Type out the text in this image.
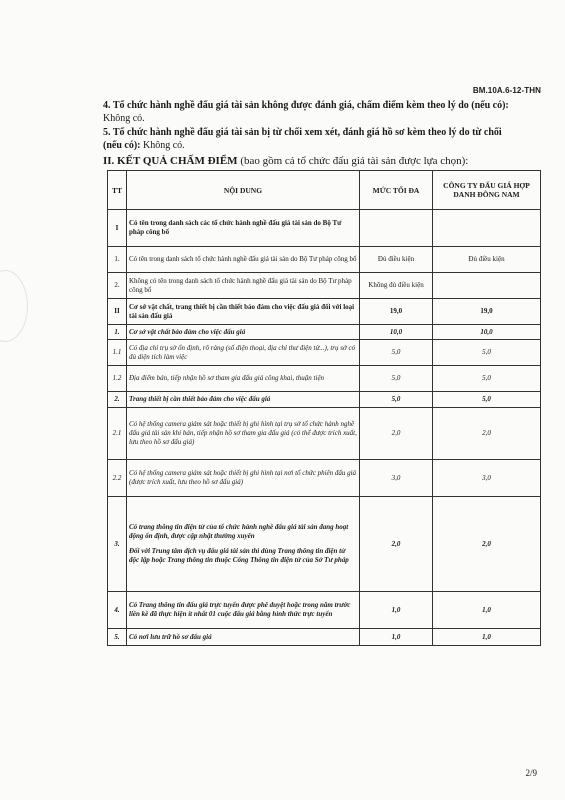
BM.10A.6-12-THN
4. Tổ chức hành nghề đấu giá tài sản không được đánh giá, chấm điểm kèm theo lý do (nếu có): Không có.
5. Tổ chức hành nghề đấu giá tài sản bị từ chối xem xét, đánh giá hồ sơ kèm theo lý do từ chối (nếu có): Không có.
II. KẾT QUẢ CHẤM ĐIỂM (bao gồm cả tổ chức đấu giá tài sản được lựa chọn):
TT	NỘI DUNG	MỨC TỐI ĐA	CÔNG TY ĐẤU GIÁ HỢP DANH ĐÔNG NAM
I	Có tên trong danh sách các tổ chức hành nghề đấu giá tài sản do Bộ Tư pháp công bố		

1.	Có tên trong danh sách tổ chức hành nghề đấu giá tài sản do Bộ Tư pháp công bố	Đủ điều kiện	Đủ điều kiện
2.	Không có tên trong danh sách tổ chức hành nghề đấu giá tài sản do Bộ Tư pháp công bố	Không đủ điều kiện	
II	Cơ sở vật chất, trang thiết bị cần thiết bảo đảm cho việc đấu giá đối với loại tài sản đấu giá	19,0	19,0
1.	Cơ sở vật chất bảo đảm cho việc đấu giá	10,0	10,0
1.1	Có địa chỉ trụ sở ổn định, rõ ràng (số điện thoại, địa chỉ thư điện tử...), trụ sở có đủ diện tích làm việc	5,0	5,0
1.2	Địa điểm bán, tiếp nhận hồ sơ tham gia đấu giá công khai, thuận tiện	5,0	5,0
2.	Trang thiết bị cần thiết bảo đảm cho việc đấu giá	5,0	5,0
2.1	Có hệ thống camera giám sát hoặc thiết bị ghi hình tại trụ sở tổ chức hành nghề đấu giá tài sản khi bán, tiếp nhận hồ sơ tham gia đấu giá (có thể được trích xuất, lưu theo hồ sơ đấu giá)	2,0	2,0
2.2	Có hệ thống camera giám sát hoặc thiết bị ghi hình tại nơi tổ chức phiên đấu giá (được trích xuất, lưu theo hồ sơ đấu giá)	3,0	3,0
3.	Có trang thông tin điện tử của tổ chức hành nghề đấu giá tài sản đang hoạt động ổn định, được cập nhật thường xuyên
Đối với Trung tâm dịch vụ đấu giá tài sản thì dùng Trang thông tin điện tử độc lập hoặc Trang thông tin thuộc Cổng Thông tin điện tử của Sở Tư pháp	2,0	2,0
4.	Có Trang thông tin đấu giá trực tuyến được phê duyệt hoặc trong năm trước liền kề đã thực hiện ít nhất 01 cuộc đấu giá bằng hình thức trực tuyến	1,0	1,0
5.	Có nơi lưu trữ hồ sơ đấu giá	1,0	1,0
2/9
